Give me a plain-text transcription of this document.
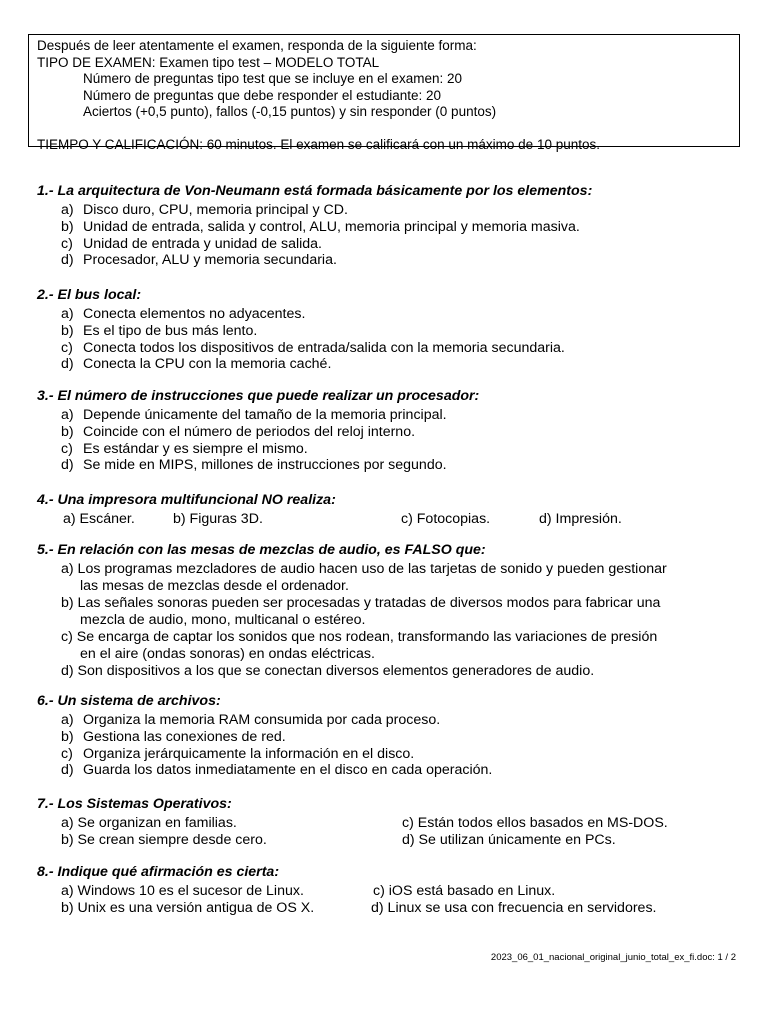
Después de leer atentamente el examen, responda de la siguiente forma:
TIPO DE EXAMEN: Examen tipo test – MODELO TOTAL
Número de preguntas tipo test que se incluye en el examen: 20
Número de preguntas que debe responder el estudiante: 20
Aciertos (+0,5 punto), fallos (-0,15 puntos) y sin responder (0 puntos)
TIEMPO Y CALIFICACIÓN: 60 minutos. El examen se calificará con un máximo de 10 puntos.
1.- La arquitectura de Von-Neumann está formada básicamente por los elementos:
a) Disco duro, CPU, memoria principal y CD.
b) Unidad de entrada, salida y control, ALU, memoria principal y memoria masiva.
c) Unidad de entrada y unidad de salida.
d) Procesador, ALU y memoria secundaria.
2.- El bus local:
a) Conecta elementos no adyacentes.
b) Es el tipo de bus más lento.
c) Conecta todos los dispositivos de entrada/salida con la memoria secundaria.
d) Conecta la CPU con la memoria caché.
3.- El número de instrucciones que puede realizar un procesador:
a) Depende únicamente del tamaño de la memoria principal.
b) Coincide con el número de periodos del reloj interno.
c) Es estándar y es siempre el mismo.
d) Se mide en MIPS, millones de instrucciones por segundo.
4.- Una impresora multifuncional NO realiza:
a) Escáner.	b) Figuras 3D.	c) Fotocopias.	d) Impresión.
5.- En relación con las mesas de mezclas de audio, es FALSO que:
a) Los programas mezcladores de audio hacen uso de las tarjetas de sonido y pueden gestionar
las mesas de mezclas desde el ordenador.
b) Las señales sonoras pueden ser procesadas y tratadas de diversos modos para fabricar una
mezcla de audio, mono, multicanal o estéreo.
c) Se encarga de captar los sonidos que nos rodean, transformando las variaciones de presión
en el aire (ondas sonoras) en ondas eléctricas.
d) Son dispositivos a los que se conectan diversos elementos generadores de audio.
6.- Un sistema de archivos:
a) Organiza la memoria RAM consumida por cada proceso.
b) Gestiona las conexiones de red.
c) Organiza jerárquicamente la información en el disco.
d) Guarda los datos inmediatamente en el disco en cada operación.
7.- Los Sistemas Operativos:
a) Se organizan en familias.	c) Están todos ellos basados en MS-DOS.
b) Se crean siempre desde cero.	d) Se utilizan únicamente en PCs.
8.- Indique qué afirmación es cierta:
a) Windows 10 es el sucesor de Linux.	c) iOS está basado en Linux.
b) Unix es una versión antigua de OS X.	d) Linux se usa con frecuencia en servidores.
2023_06_01_nacional_original_junio_total_ex_fi.doc: 1 / 2
